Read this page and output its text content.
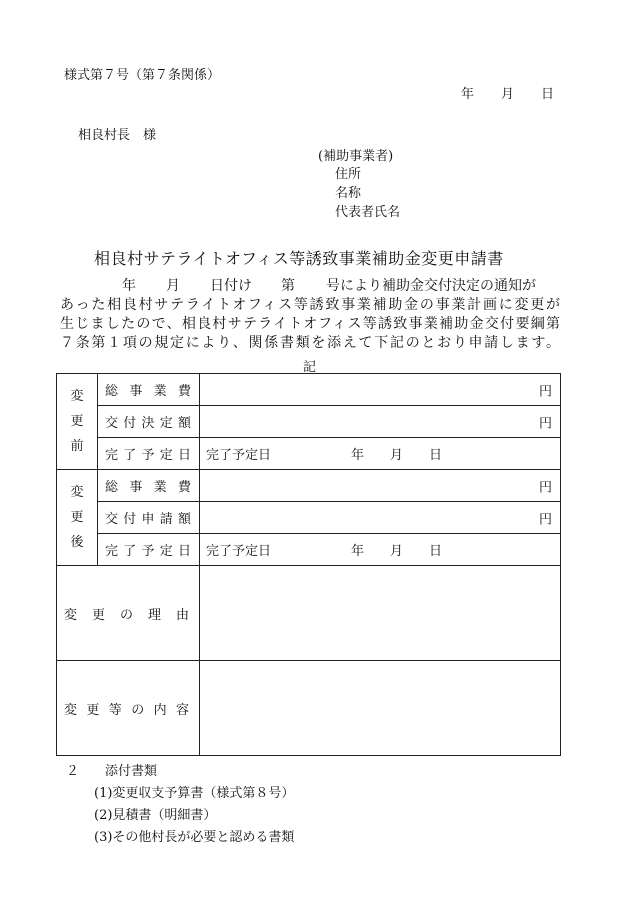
様式第７号（第７条関係）
年 月 日
相良村長　様
(補助事業者)
住所
名称
代表者氏名
相良村サテライトオフィス等誘致事業補助金変更申請書
年 月 日付け 第 号により補助金交付決定の通知が
あった相良村サテライトオフィス等誘致事業補助金の事業計画に変更が
生じましたので、相良村サテライトオフィス等誘致事業補助金交付要綱第
７条第１項の規定により、関係書類を添えて下記のとおり申請します。
記
変
更
前	総事業費	円

	交付決定額	円

	完了予定日	完了予定日 年 月 日
変
更
後	総事業費	円

	交付申請額	円

	完了予定日	完了予定日 年 月 日
変更の理由		
変更等の内容		
２　　添付書類
(1)変更収支予算書（様式第８号）
(2)見積書（明細書）
(3)その他村長が必要と認める書類
